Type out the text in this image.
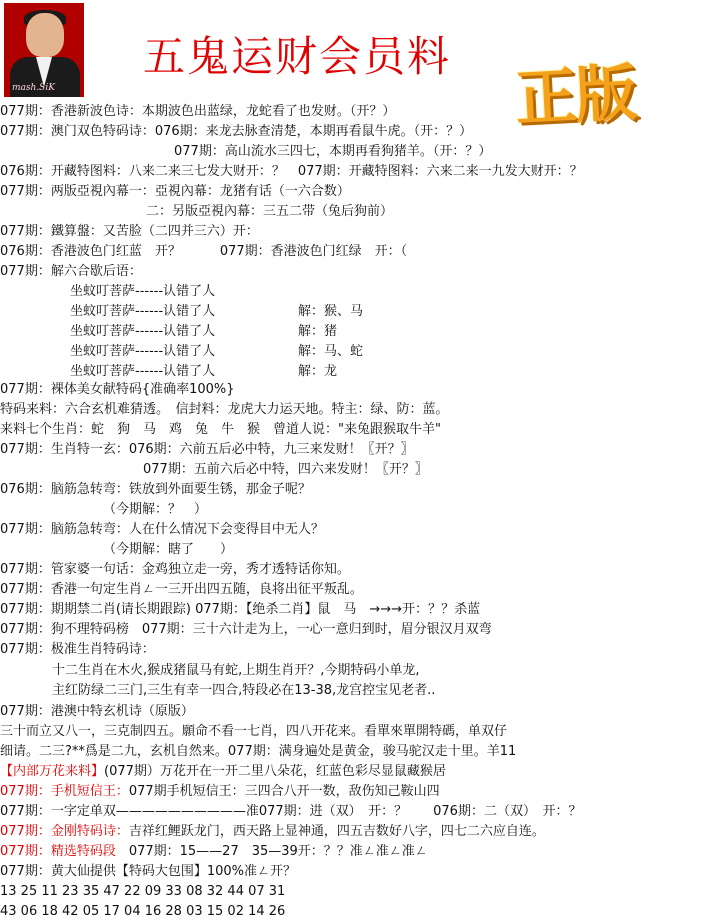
mash.SiK
五鬼运财会员料 正版
077期：香港新波色诗：本期波色出蓝绿，龙蛇看了也发财。（开？）
077期：澳门双色特码诗：076期：来龙去脉查清楚，本期再看鼠牛虎。（开：？）
077期：高山流水三四七，本期再看狗猪羊。（开：？）
076期：开藏特图料：八来二来三七发大财开：？　077期：开藏特图料：六来二来一九发大财开：？
077期：两版亞視內幕一：亞視內幕：龙猪有话（一六合数）
二：另版亞視內幕：三五二带（兔后狗前）
077期：鐵算盤：又苦脸（二四并三六）开：
076期：香港波色门红蓝　开？　　　077期：香港波色门红绿　开：（
077期：解六合歇后语：
坐蚊叮菩萨------认错了人
坐蚊叮菩萨------认错了人	解：猴、马
坐蚊叮菩萨------认错了人	解：猪
坐蚊叮菩萨------认错了人	解：马、蛇
坐蚊叮菩萨------认错了人	解：龙
077期：裸体美女献特码{准确率100%}
特码来料：六合玄机难猜透。　信封料：龙虎大力运天地。特主：绿、防：蓝。
来料七个生肖：蛇　狗　马　鸡　兔　牛　猴　曾道人说："来兔跟猴取牛羊"
077期：生肖特一玄：076期：六前五后必中特，九三来发财！〖开？〗
077期：五前六后必中特，四六来发财！〖开？〗
076期：脑筋急转弯：铁放到外面要生锈，那金子呢？
（今期解：？　）
077期：脑筋急转弯：人在什么情况下会变得目中无人？
（今期解：瞎了　　）
077期：管家婆一句话：金鸡独立走一旁，秀才透特话你知。
077期：香港一句定生肖ㄥ一三开出四五随，良将出征平叛乱。
077期：期期禁二肖(请长期跟踪) 077期：【绝杀二肖】鼠　马　→→→开：？？杀蓝
077期：狗不理特码榜　077期：三十六计走为上，一心一意归到时，眉分银汉月双弯
077期：极准生肖特码诗：
十二生肖在木火,猴成猪鼠马有蛇,上期生肖开？,今期特码小单龙,
主红防绿二三门,三生有幸一四合,特段必在13-38,龙宫控宝见老者..
077期：港澳中特玄机诗（原版）
三十而立又八一，三克制四五。願命不看一七肖，四八开花来。看單來單開特碼，单双仔
细请。二三?**爲是二九，玄机自然来。077期：满身遍处是黄金，骏马驼汉走十里。羊11
【内部万花来料】(077期）万花开在一开二里八朵花，红蓝色彩尽显鼠藏猴居
077期：手机短信王：077期手机短信王：三四合八开一数，敌伤知己鞍山四
077期：一字定单双——————————准077期：进（双）　开：？　　076期：二（双）　开：？
077期：金刚特码诗：吉祥红鲤跃龙门，西天路上显神通，四五吉数好八字，四七二六应自连。
077期：精选特码段　077期：15——27　35—39开：？？准ㄥ准ㄥ准ㄥ
077期：黄大仙提供【特码大包围】100%准ㄥ开？
13 25 11 23 35 47 22 09 33 08 32 44 07 31
43 06 18 42 05 17 04 16 28 03 15 02 14 26
